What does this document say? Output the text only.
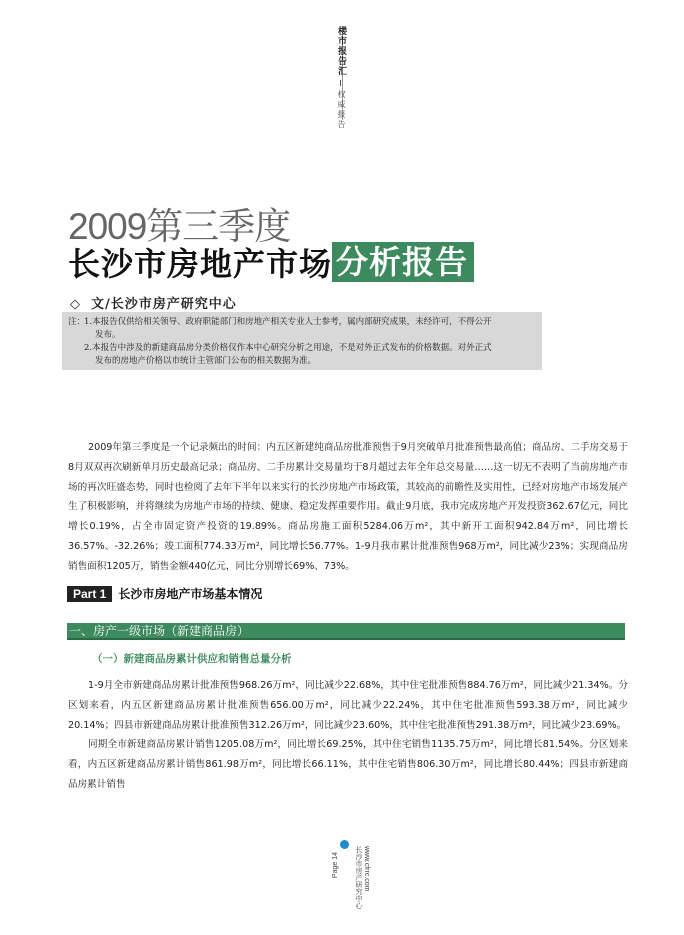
楼市报告汇
权威报告
2009第三季度
长沙市房地产市场 分析报告
◇ 文/长沙市房产研究中心
注：
1.本报告仅供给相关领导、政府职能部门和房地产相关专业人士参考，属内部研究成果，未经许可，不得公开
发布。
2.本报告中涉及的新建商品房分类价格仅作本中心研究分析之用途，不是对外正式发布的价格数据。对外正式
发布的房地产价格以市统计主管部门公布的相关数据为准。
2009年第三季度是一个记录频出的时间：内五区新建纯商品房批准预售于9月突破单月批准预售最高值；商品房、二手房交易于8月双双再次刷新单月历史最高记录；商品房、二手房累计交易量均于8月超过去年全年总交易量……这一切无不表明了当前房地产市场的再次旺盛态势，同时也检阅了去年下半年以来实行的长沙房地产市场政策，其较高的前瞻性及实用性，已经对房地产市场发展产生了积极影响，并将继续为房地产市场的持续、健康、稳定发挥重要作用。截止9月底，我市完成房地产开发投资362.67亿元，同比增长0.19%，占全市固定资产投资的19.89%。商品房施工面积5284.06万m²，其中新开工面积942.84万m²，同比增长36.57%、-32.26%；竣工面积774.33万m²，同比增长56.77%。1-9月我市累计批准预售968万m²，同比减少23%；实现商品房销售面积1205万，销售金额440亿元，同比分别增长69%、73%。
Part 1	长沙市房地产市场基本情况
一、房产一级市场（新建商品房）
（一）新建商品房累计供应和销售总量分析
1-9月全市新建商品房累计批准预售968.26万m²，同比减少22.68%，其中住宅批准预售884.76万m²，同比减少21.34%。分区划来看，内五区新建商品房累计批准预售656.00万m²，同比减少22.24%，其中住宅批准预售593.38万m²，同比减少20.14%；四县市新建商品房累计批准预售312.26万m²，同比减少23.60%，其中住宅批准预售291.38万m²，同比减少23.69%。
同期全市新建商品房累计销售1205.08万m²，同比增长69.25%，其中住宅销售1135.75万m²，同比增长81.54%。分区划来看，内五区新建商品房累计销售861.98万m²，同比增长66.11%，其中住宅销售806.30万m²，同比增长80.44%；四县市新建商品房累计销售
Page 14	www.cfrrc.com
长沙市房产研究中心
